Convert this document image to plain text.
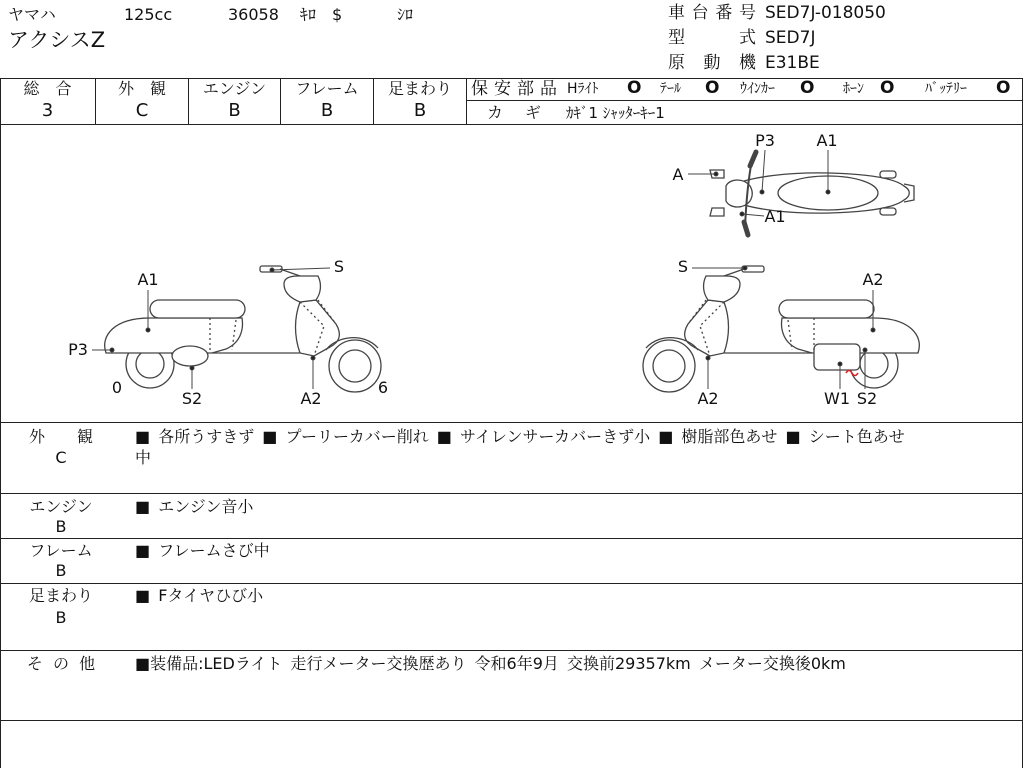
ヤマハ	125cc	36058 ｷﾛ $	ｼﾛ
アクシスZ
車台番号 SED7J-018050
型　　式 SED7J
原 動 機 E31BE
総　合
3
外　観
C
エンジン
B
フレーム
B
足まわり
B
保安部品 Hﾗｲﾄ O ﾃｰﾙ O ｳｲﾝｶｰ O ﾎｰﾝ O ﾊﾞｯﾃﾘｰ O
カ　ギ ｶｷﾞ1 ｼｬｯﾀｰｷｰ1
P3	A1
A
A1
S
A1
P3
0
S2	A2
6
S
A2
A2	W1 S2
外　　観
C
■ 各所うすきず ■ プーリーカバー削れ ■ サイレンサーカバーきず小 ■ 樹脂部色あせ ■ シート色あせ
中
エンジン
B
■ エンジン音小
フレーム
B
■ フレームさび中
足まわり
B
■ Fタイヤひび小
そ の 他	■装備品:LEDライト 走行メーター交換歴あり 令和6年9月 交換前29357km メーター交換後0km
